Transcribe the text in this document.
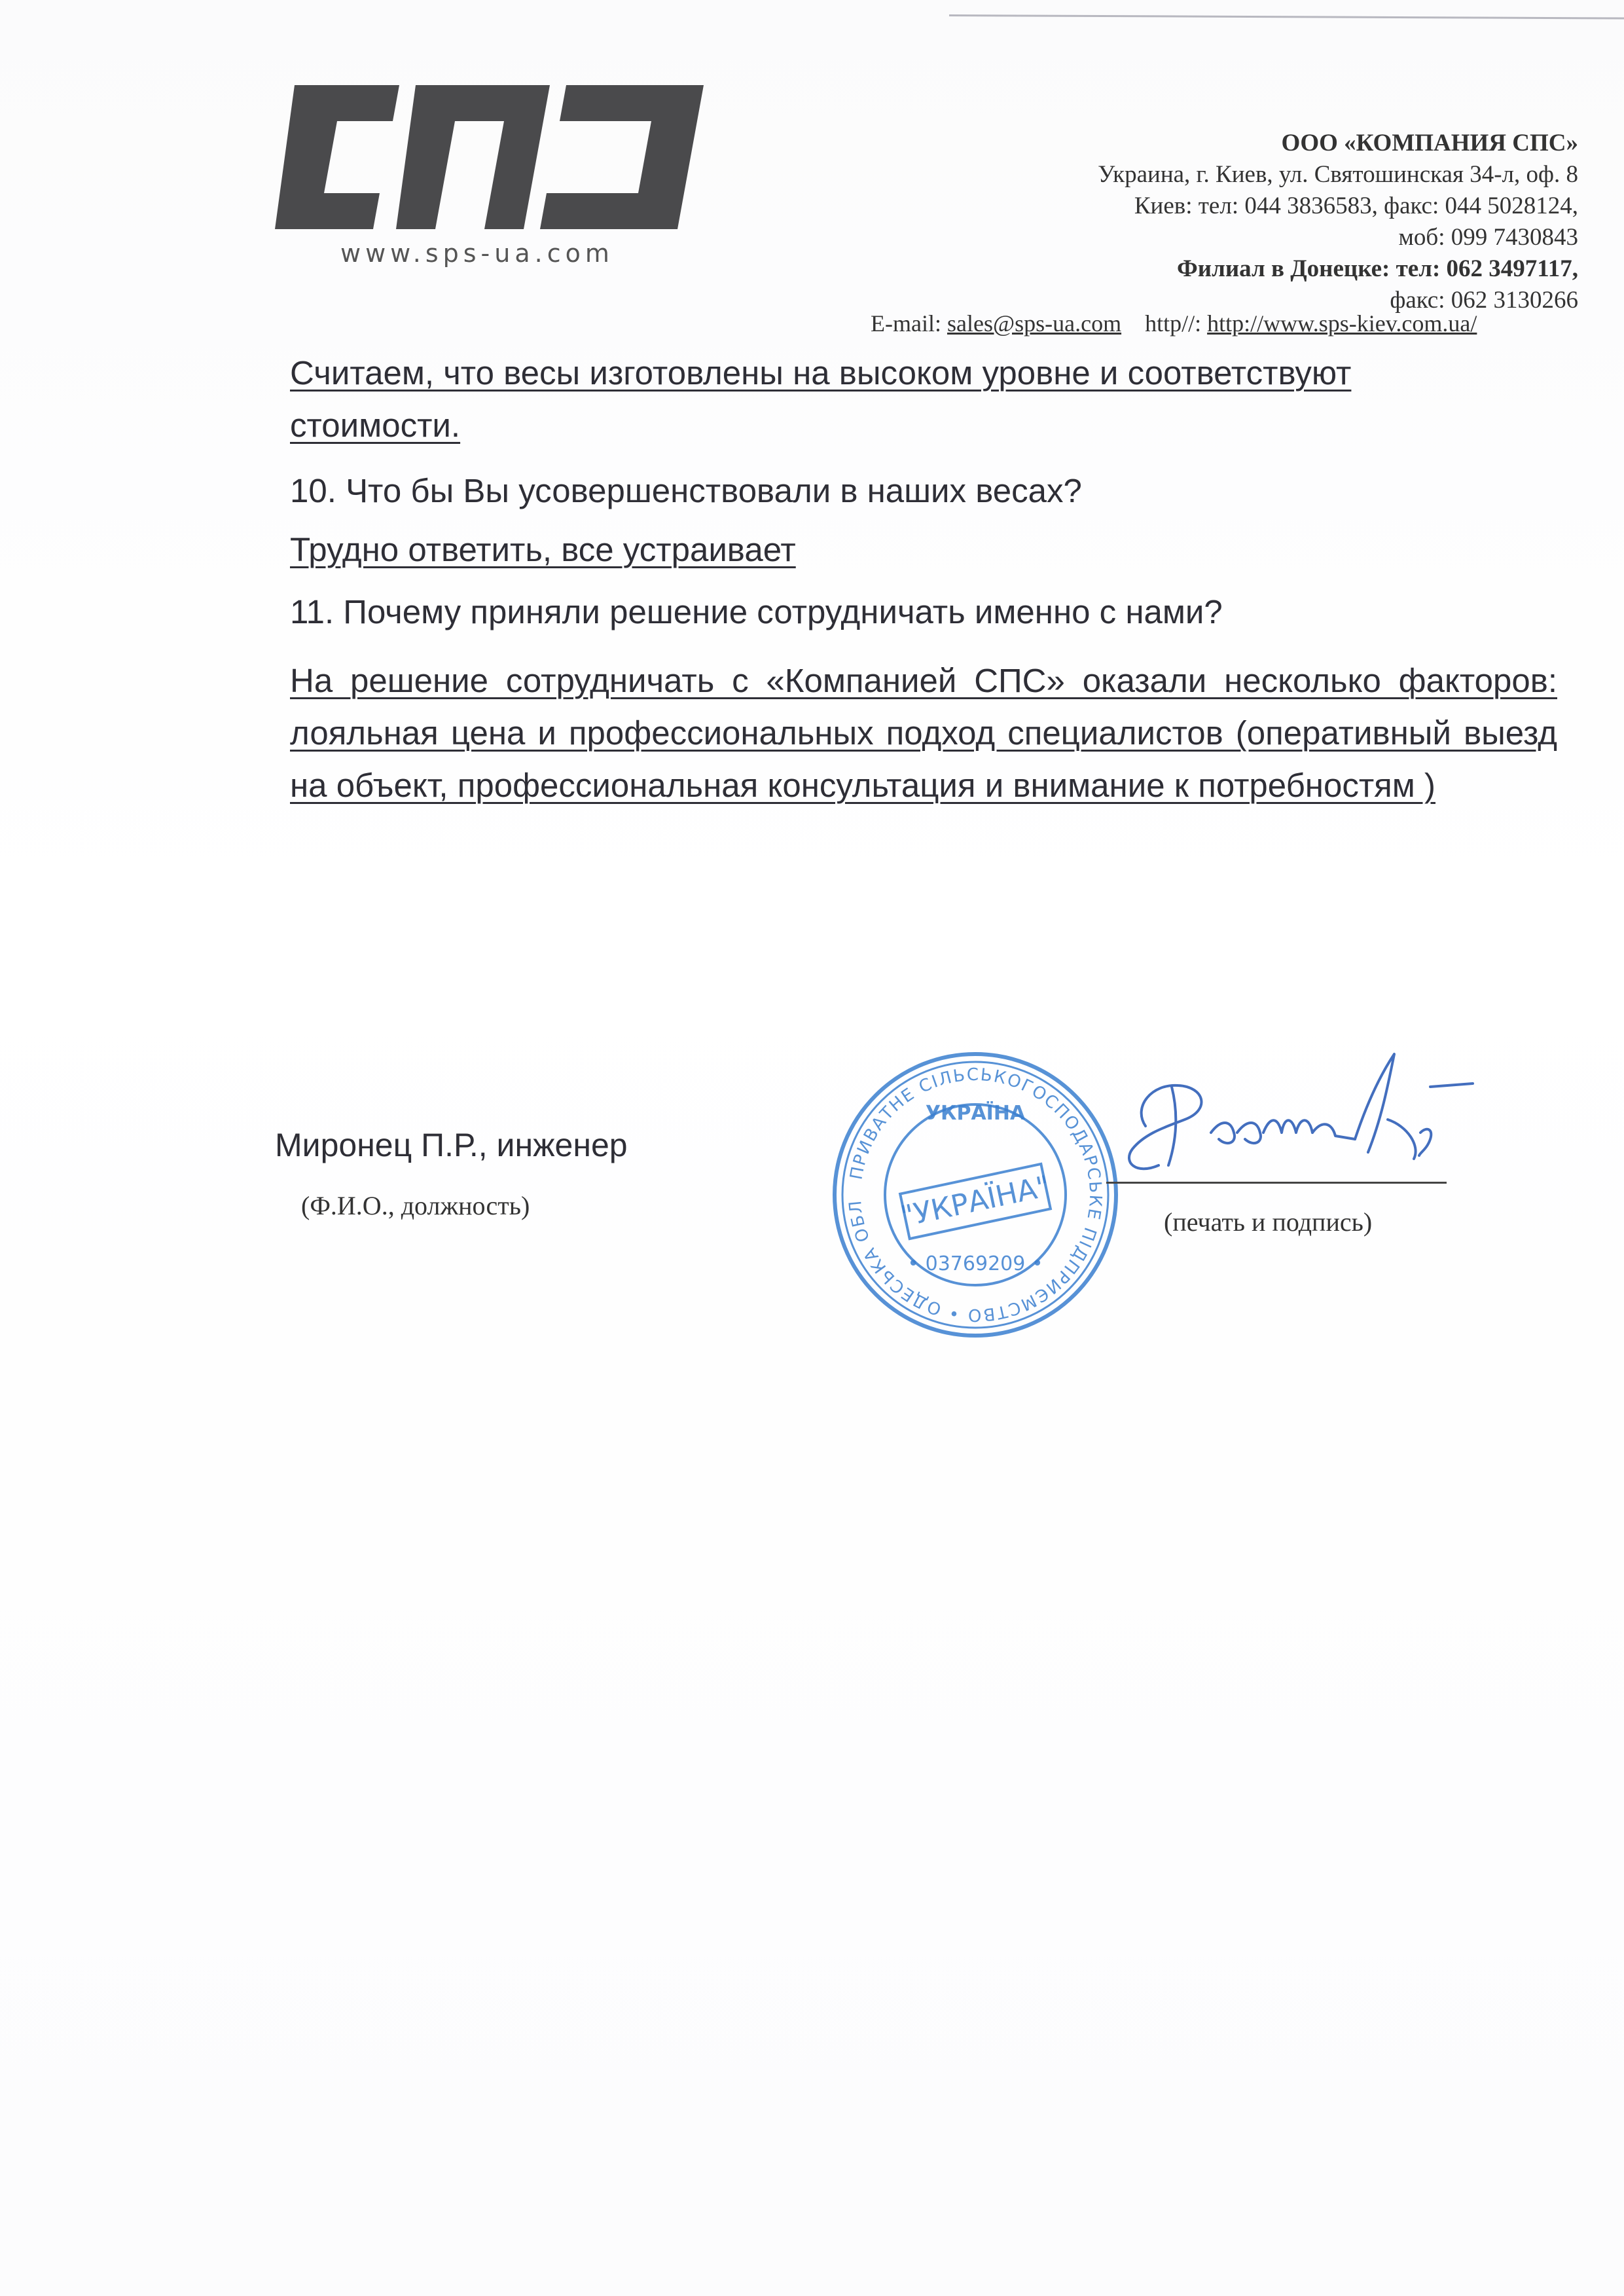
www.sps-ua.com
ООО «КОМПАНИЯ СПС»
Украина, г. Киев, ул. Святошинская 34-л, оф. 8
Киев: тел: 044 3836583, факс: 044 5028124,
моб: 099 7430843
Филиал в Донецке: тел: 062 3497117,
факс: 062 3130266
E-mail: sales@sps-ua.com http//: http://www.sps-kiev.com.ua/
Считаем, что весы изготовлены на высоком уровне и соответствуют стоимости.
10. Что бы Вы усовершенствовали в наших весах?
Трудно ответить, все устраивает
11. Почему приняли решение сотрудничать именно с нами?
На решение сотрудничать с «Компанией СПС» оказали несколько факторов: лояльная цена и профессиональных подход специалистов (оперативный выезд на объект, профессиональная консультация и внимание к потребностям )
Миронец П.Р., инженер
(Ф.И.О., должность)
ПРИВАТНЕ СІЛЬСЬКОГОСПОДАРСЬКЕ ПІДПРИЄМСТВО • ОДЕСЬКА ОБЛ
УКРАЇНА
"УКРАЇНА"
• 03769209 •
(печать и подпись)
